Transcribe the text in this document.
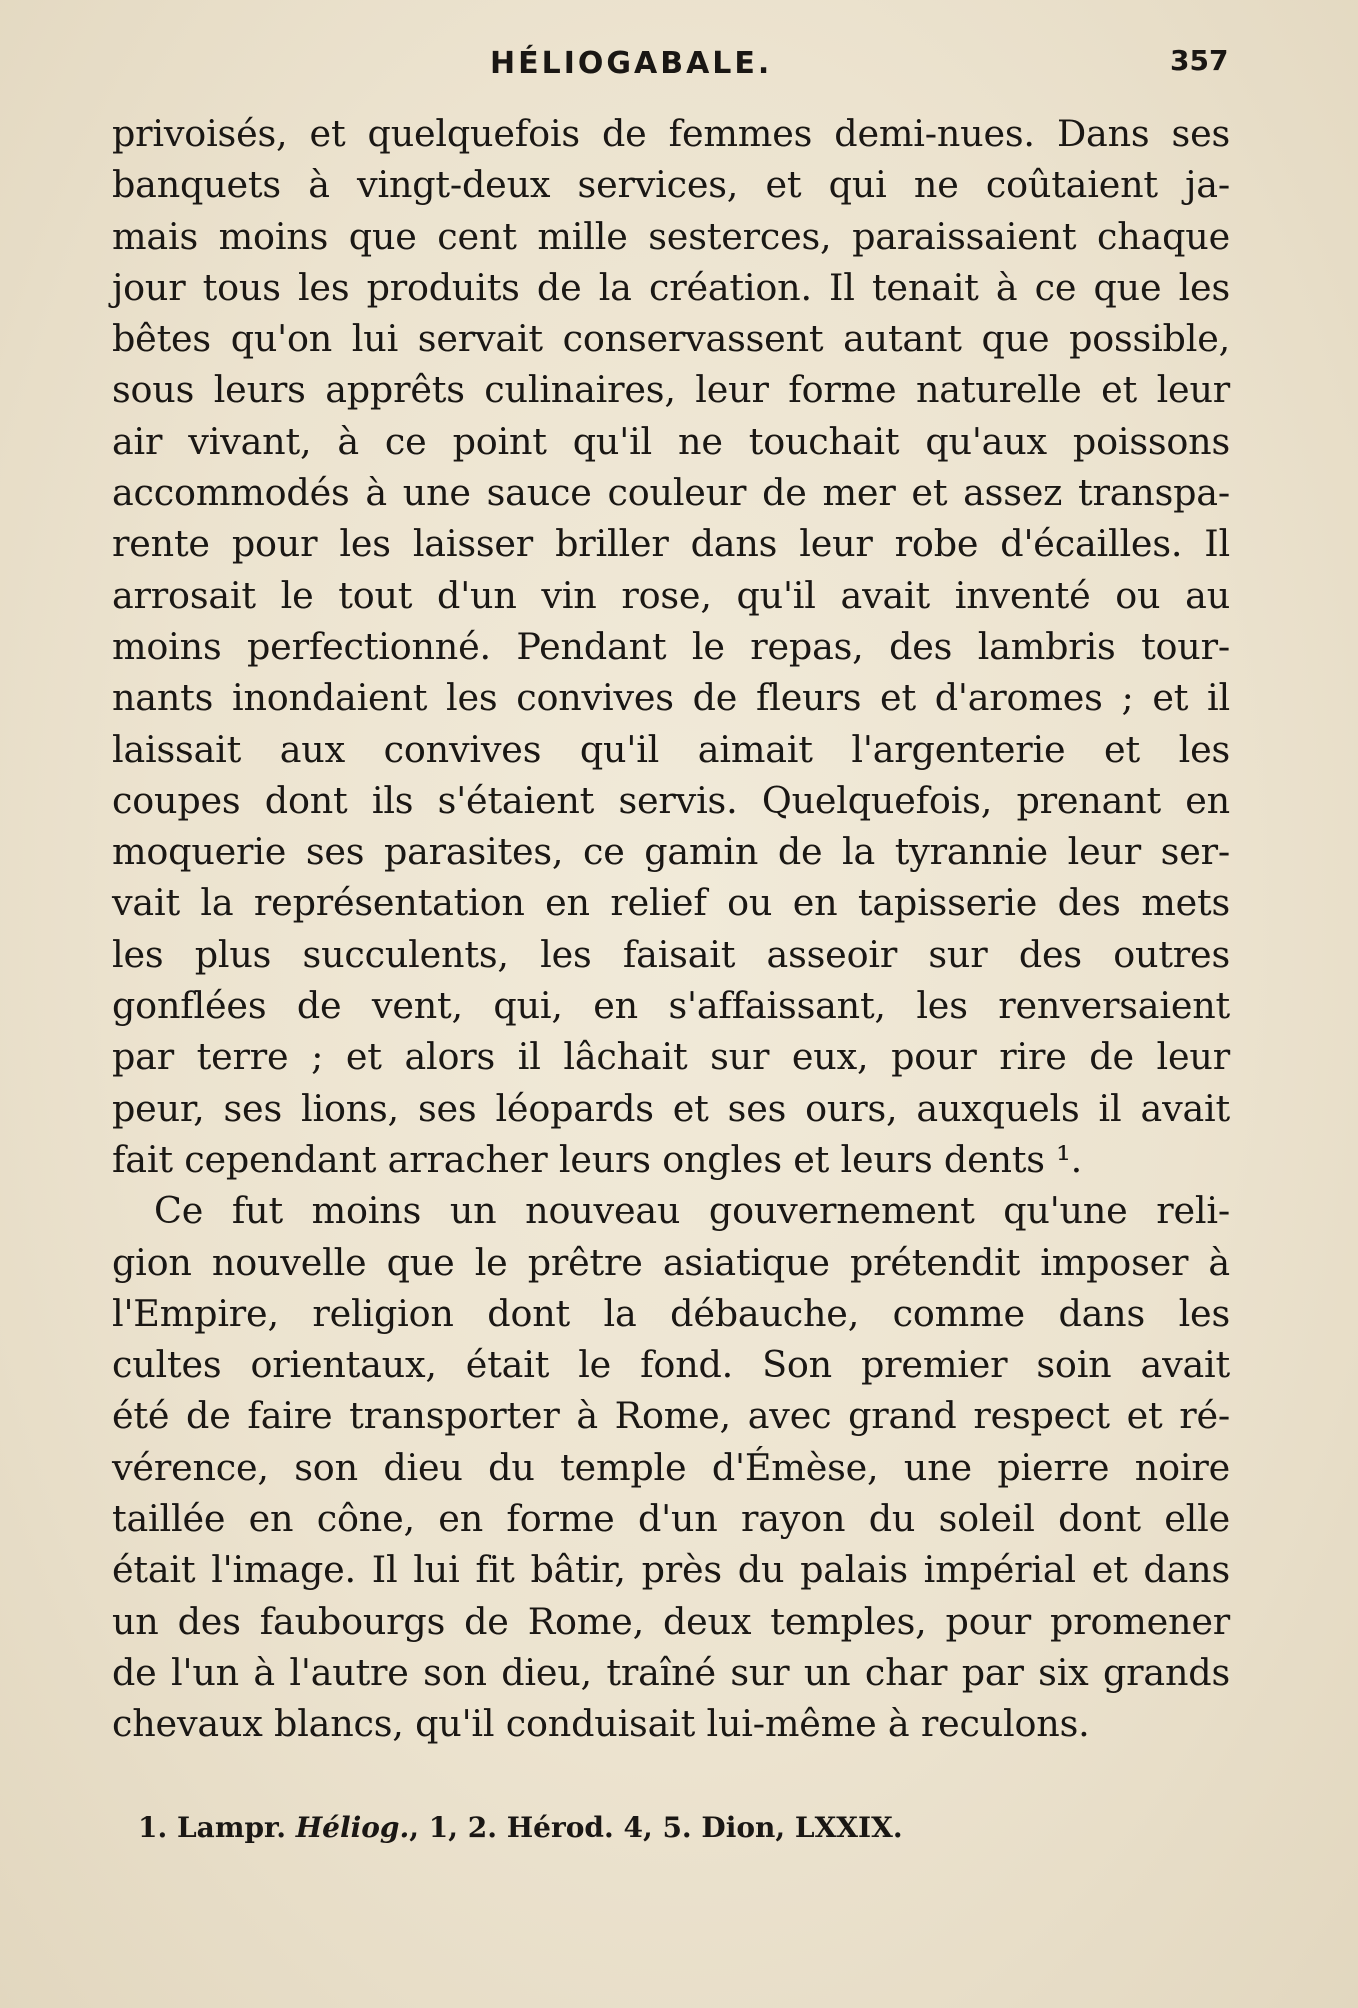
HÉLIOGABALE.	357
privoisés, et quelquefois de femmes demi-nues. Dans ses
banquets à vingt-deux services, et qui ne coûtaient ja-
mais moins que cent mille sesterces, paraissaient chaque
jour tous les produits de la création. Il tenait à ce que les
bêtes qu'on lui servait conservassent autant que possible,
sous leurs apprêts culinaires, leur forme naturelle et leur
air vivant, à ce point qu'il ne touchait qu'aux poissons
accommodés à une sauce couleur de mer et assez transpa-
rente pour les laisser briller dans leur robe d'écailles. Il
arrosait le tout d'un vin rose, qu'il avait inventé ou au
moins perfectionné. Pendant le repas, des lambris tour-
nants inondaient les convives de fleurs et d'aromes ; et il
laissait aux convives qu'il aimait l'argenterie et les
coupes dont ils s'étaient servis. Quelquefois, prenant en
moquerie ses parasites, ce gamin de la tyrannie leur ser-
vait la représentation en relief ou en tapisserie des mets
les plus succulents, les faisait asseoir sur des outres
gonflées de vent, qui, en s'affaissant, les renversaient
par terre ; et alors il lâchait sur eux, pour rire de leur
peur, ses lions, ses léopards et ses ours, auxquels il avait
fait cependant arracher leurs ongles et leurs dents ¹.
Ce fut moins un nouveau gouvernement qu'une reli-
gion nouvelle que le prêtre asiatique prétendit imposer à
l'Empire, religion dont la débauche, comme dans les
cultes orientaux, était le fond. Son premier soin avait
été de faire transporter à Rome, avec grand respect et ré-
vérence, son dieu du temple d'Émèse, une pierre noire
taillée en cône, en forme d'un rayon du soleil dont elle
était l'image. Il lui fit bâtir, près du palais impérial et dans
un des faubourgs de Rome, deux temples, pour promener
de l'un à l'autre son dieu, traîné sur un char par six grands
chevaux blancs, qu'il conduisait lui-même à reculons.
1. Lampr. Héliog., 1, 2. Hérod. 4, 5. Dion, LXXIX.
